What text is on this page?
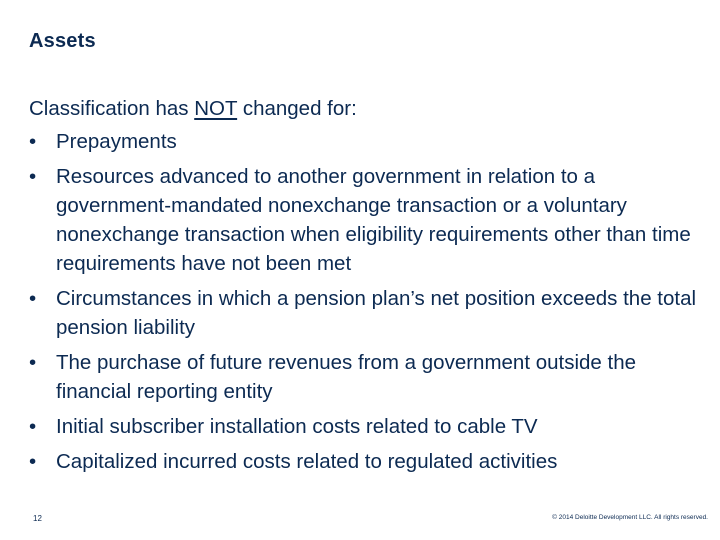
Assets

Classification has NOT changed for:

• Prepayments
• Resources advanced to another government in relation to a government-mandated nonexchange transaction or a voluntary nonexchange transaction when eligibility requirements other than time requirements have not been met
• Circumstances in which a pension plan’s net position exceeds the total pension liability
• The purchase of future revenues from a government outside the financial reporting entity
• Initial subscriber installation costs related to cable TV
• Capitalized incurred costs related to regulated activities
12	© 2014 Deloitte Development LLC. All rights reserved.
